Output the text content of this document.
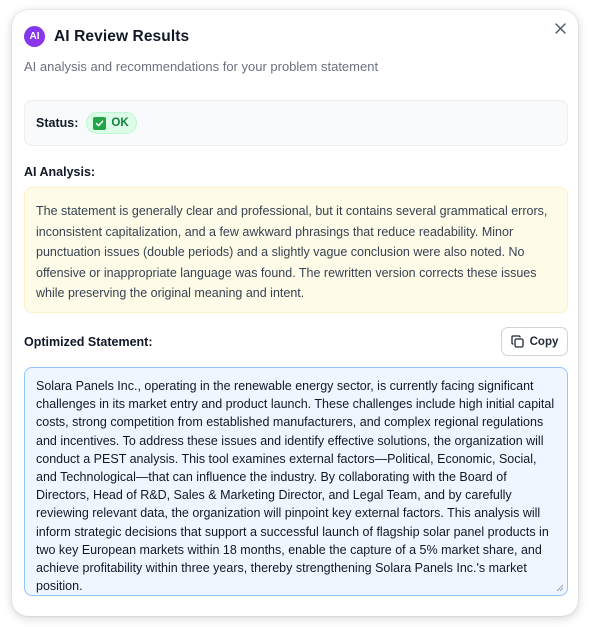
AI AI Review Results
AI analysis and recommendations for your problem statement
Status:	OK
AI Analysis:
The statement is generally clear and professional, but it contains several grammatical errors, inconsistent capitalization, and a few awkward phrasings that reduce readability. Minor punctuation issues (double periods) and a slightly vague conclusion were also noted. No offensive or inappropriate language was found. The rewritten version corrects these issues while preserving the original meaning and intent.
Optimized Statement:	Copy
Solara Panels Inc., operating in the renewable energy sector, is currently facing significant challenges in its market entry and product launch. These challenges include high initial capital costs, strong competition from established manufacturers, and complex regional regulations and incentives. To address these issues and identify effective solutions, the organization will conduct a PEST analysis. This tool examines external factors—Political, Economic, Social, and Technological—that can influence the industry. By collaborating with the Board of Directors, Head of R&D, Sales & Marketing Director, and Legal Team, and by carefully reviewing relevant data, the organization will pinpoint key external factors. This analysis will inform strategic decisions that support a successful launch of flagship solar panel products in two key European markets within 18 months, enable the capture of a 5% market share, and achieve profitability within three years, thereby strengthening Solara Panels Inc.'s market position.
